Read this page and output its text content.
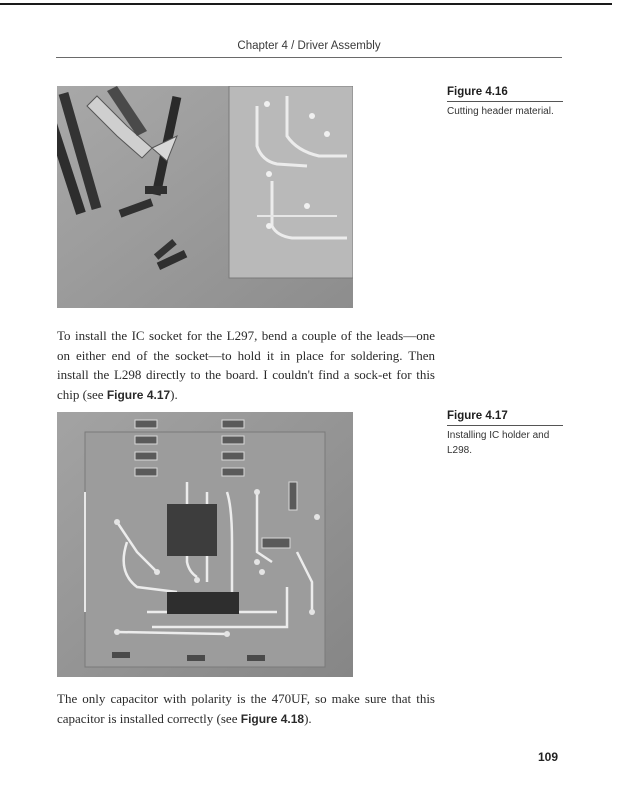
Chapter 4 / Driver Assembly
Figure 4.16
Cutting header material.

To install the IC socket for the L297, bend a couple of the leads—one on either end of the socket—to hold it in place for soldering. Then install the L298 directly to the board. I couldn't find a sock-et for this chip (see Figure 4.17).

Figure 4.17
Installing IC holder and L298.

The only capacitor with polarity is the 470UF, so make sure that this capacitor is installed correctly (see Figure 4.18).

109
